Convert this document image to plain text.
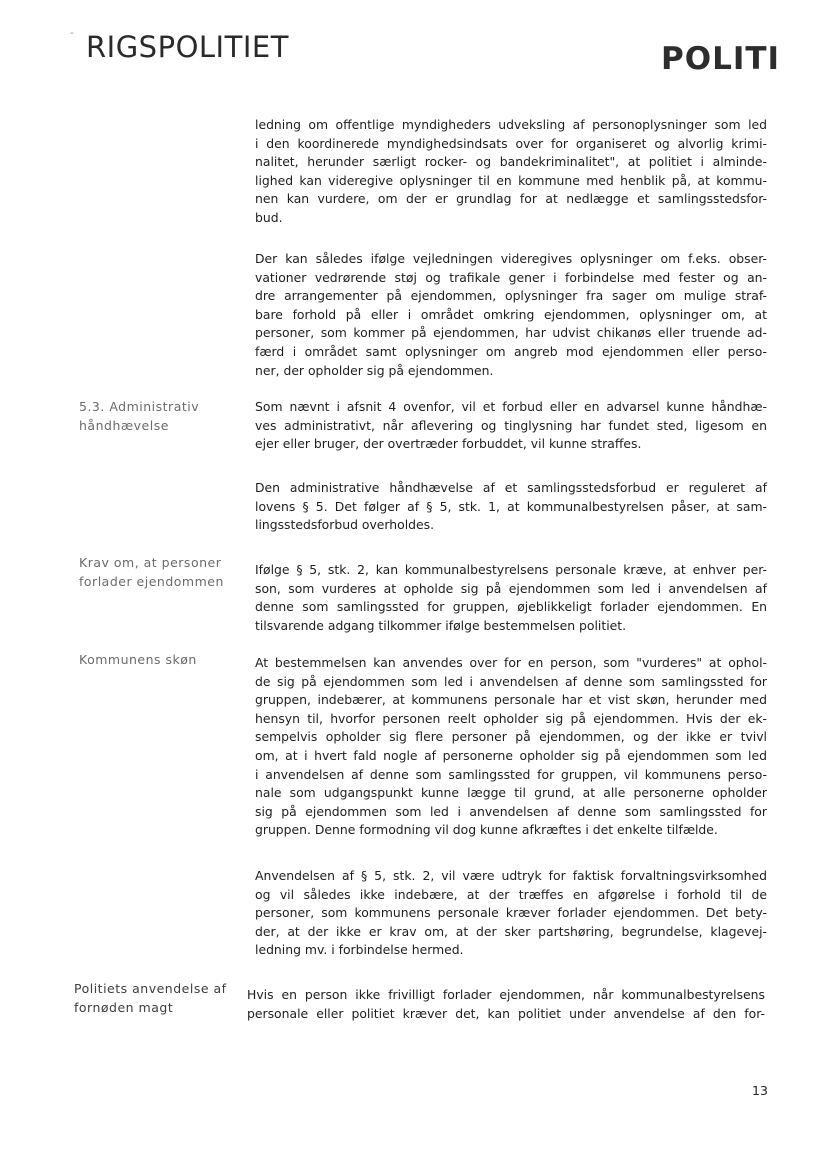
- RIGSPOLITIET	POLITI
ledning om offentlige myndigheders udveksling af personoplysninger som led
i den koordinerede myndighedsindsats over for organiseret og alvorlig krimi-
nalitet, herunder særligt rocker- og bandekriminalitet", at politiet i alminde-
lighed kan videregive oplysninger til en kommune med henblik på, at kommu-
nen kan vurdere, om der er grundlag for at nedlægge et samlingsstedsfor-
bud.
Der kan således ifølge vejledningen videregives oplysninger om f.eks. obser-
vationer vedrørende støj og trafikale gener i forbindelse med fester og an-
dre arrangementer på ejendommen, oplysninger fra sager om mulige straf-
bare forhold på eller i området omkring ejendommen, oplysninger om, at
personer, som kommer på ejendommen, har udvist chikanøs eller truende ad-
færd i området samt oplysninger om angreb mod ejendommen eller perso-
ner, der opholder sig på ejendommen.
5.3. Administrativ
håndhævelse
Som nævnt i afsnit 4 ovenfor, vil et forbud eller en advarsel kunne håndhæ-
ves administrativt, når aflevering og tinglysning har fundet sted, ligesom en
ejer eller bruger, der overtræder forbuddet, vil kunne straffes.
Den administrative håndhævelse af et samlingsstedsforbud er reguleret af
lovens § 5. Det følger af § 5, stk. 1, at kommunalbestyrelsen påser, at sam-
lingsstedsforbud overholdes.
Krav om, at personer
forlader ejendommen
Ifølge § 5, stk. 2, kan kommunalbestyrelsens personale kræve, at enhver per-
son, som vurderes at opholde sig på ejendommen som led i anvendelsen af
denne som samlingssted for gruppen, øjeblikkeligt forlader ejendommen. En
tilsvarende adgang tilkommer ifølge bestemmelsen politiet.
Kommunens skøn	At bestemmelsen kan anvendes over for en person, som "vurderes" at ophol-
de sig på ejendommen som led i anvendelsen af denne som samlingssted for
gruppen, indebærer, at kommunens personale har et vist skøn, herunder med
hensyn til, hvorfor personen reelt opholder sig på ejendommen. Hvis der ek-
sempelvis opholder sig flere personer på ejendommen, og der ikke er tvivl
om, at i hvert fald nogle af personerne opholder sig på ejendommen som led
i anvendelsen af denne som samlingssted for gruppen, vil kommunens perso-
nale som udgangspunkt kunne lægge til grund, at alle personerne opholder
sig på ejendommen som led i anvendelsen af denne som samlingssted for
gruppen. Denne formodning vil dog kunne afkræftes i det enkelte tilfælde.
Anvendelsen af § 5, stk. 2, vil være udtryk for faktisk forvaltningsvirksomhed
og vil således ikke indebære, at der træffes en afgørelse i forhold til de
personer, som kommunens personale kræver forlader ejendommen. Det bety-
der, at der ikke er krav om, at der sker partshøring, begrundelse, klagevej-
ledning mv. i forbindelse hermed.
Politiets anvendelse af
fornøden magt
Hvis en person ikke frivilligt forlader ejendommen, når kommunalbestyrelsens
personale eller politiet kræver det, kan politiet under anvendelse af den for-
13
